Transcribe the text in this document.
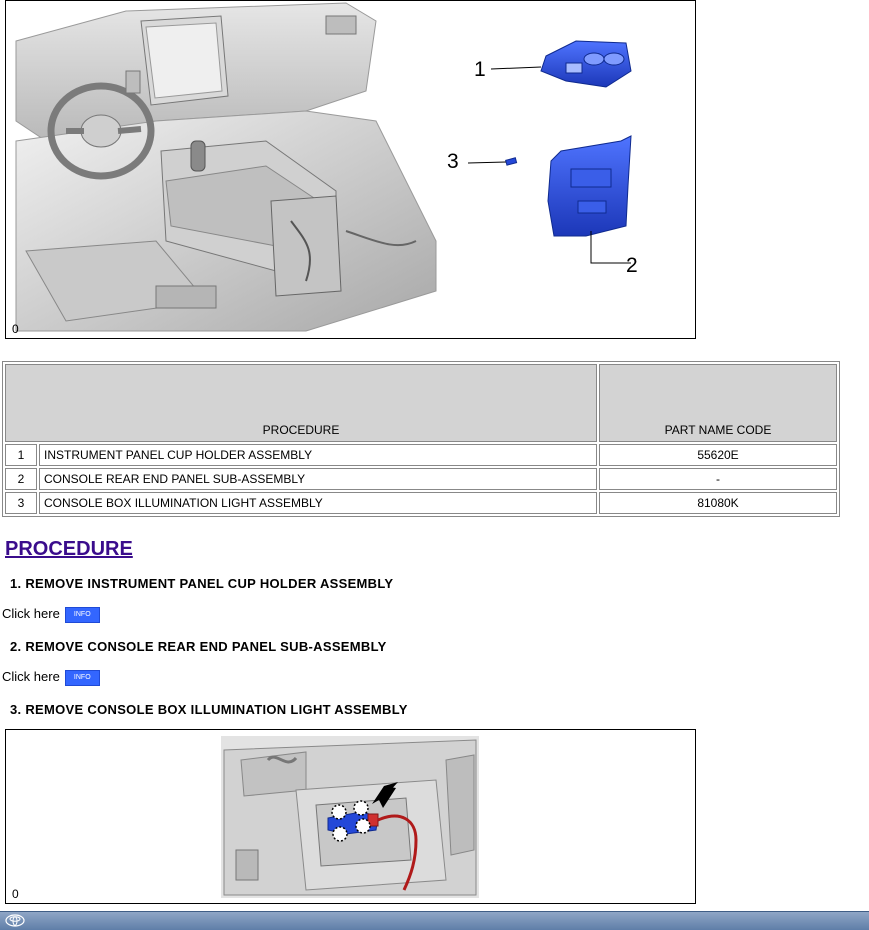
1
2
3
0
PROCEDURE		PART NAME CODE
1	INSTRUMENT PANEL CUP HOLDER ASSEMBLY	55620E
2	CONSOLE REAR END PANEL SUB-ASSEMBLY	-
3	CONSOLE BOX ILLUMINATION LIGHT ASSEMBLY	81080K
PROCEDURE
1. REMOVE INSTRUMENT PANEL CUP HOLDER ASSEMBLY
Click here INFO
2. REMOVE CONSOLE REAR END PANEL SUB-ASSEMBLY
Click here INFO
3. REMOVE CONSOLE BOX ILLUMINATION LIGHT ASSEMBLY
0
